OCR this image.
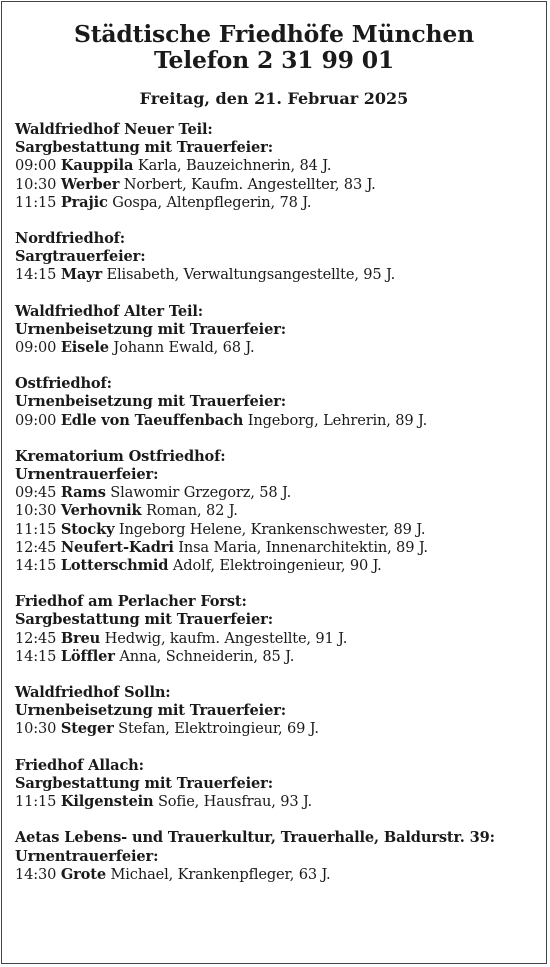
Städtische Friedhöfe München
Telefon 2 31 99 01
Freitag, den 21. Februar 2025
Waldfriedhof Neuer Teil:
Sargbestattung mit Trauerfeier:
09:00 Kauppila Karla, Bauzeichnerin, 84 J.
10:30 Werber Norbert, Kaufm. Angestellter, 83 J.
11:15 Prajic Gospa, Altenpflegerin, 78 J.
Nordfriedhof:
Sargtrauerfeier:
14:15 Mayr Elisabeth, Verwaltungsangestellte, 95 J.
Waldfriedhof Alter Teil:
Urnenbeisetzung mit Trauerfeier:
09:00 Eisele Johann Ewald, 68 J.
Ostfriedhof:
Urnenbeisetzung mit Trauerfeier:
09:00 Edle von Taeuffenbach Ingeborg, Lehrerin, 89 J.
Krematorium Ostfriedhof:
Urnentrauerfeier:
09:45 Rams Slawomir Grzegorz, 58 J.
10:30 Verhovnik Roman, 82 J.
11:15 Stocky Ingeborg Helene, Krankenschwester, 89 J.
12:45 Neufert-Kadri Insa Maria, Innenarchitektin, 89 J.
14:15 Lotterschmid Adolf, Elektroingenieur, 90 J.
Friedhof am Perlacher Forst:
Sargbestattung mit Trauerfeier:
12:45 Breu Hedwig, kaufm. Angestellte, 91 J.
14:15 Löffler Anna, Schneiderin, 85 J.
Waldfriedhof Solln:
Urnenbeisetzung mit Trauerfeier:
10:30 Steger Stefan, Elektroingieur, 69 J.
Friedhof Allach:
Sargbestattung mit Trauerfeier:
11:15 Kilgenstein Sofie, Hausfrau, 93 J.
Aetas Lebens- und Trauerkultur, Trauerhalle, Baldurstr. 39:
Urnentrauerfeier:
14:30 Grote Michael, Krankenpfleger, 63 J.
